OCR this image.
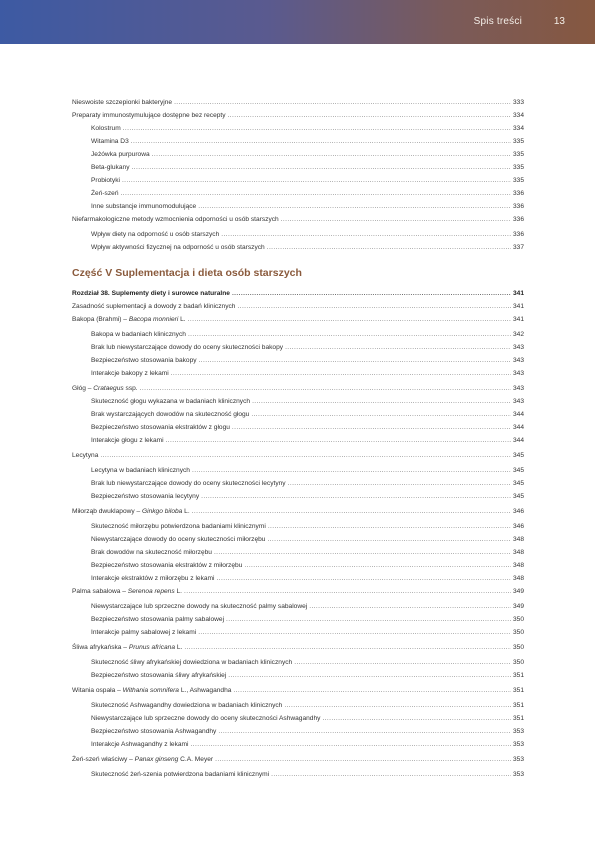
Spis treści	13
Nieswoiste szczepionki bakteryjne .....	333
Preparaty immunostymulujące dostępne bez recepty .....	334
Kolostrum .....	334
Witamina D3 .....	335
Jeżówka purpurowa .....	335
Beta-glukany .....	335
Probiotyki .....	335
Żeń-szeń .....	336
Inne substancje immunomodulujące .....	336
Niefarmakologiczne metody wzmocnienia odporności u osób starszych .....	336
Wpływ diety na odporność u osób starszych .....	336
Wpływ aktywności fizycznej na odporność u osób starszych .....	337
Część V Suplementacja i dieta osób starszych
Rozdział 38. Suplementy diety i surowce naturalne .....	341
Zasadność suplementacji a dowody z badań klinicznych .....	341
Bakopa (Brahmi) – Bacopa monnieri L. .....	341
Bakopa w badaniach klinicznych .....	342
Brak lub niewystarczające dowody do oceny skuteczności bakopy .....	343
Bezpieczeństwo stosowania bakopy .....	343
Interakcje bakopy z lekami .....	343
Głóg – Crataegus ssp. .....	343
Skuteczność głogu wykazana w badaniach klinicznych .....	343
Brak wystarczających dowodów na skuteczność głogu .....	344
Bezpieczeństwo stosowania ekstraktów z głogu .....	344
Interakcje głogu z lekami .....	344
Lecytyna .....	345
Lecytyna w badaniach klinicznych .....	345
Brak lub niewystarczające dowody do oceny skuteczności lecytyny .....	345
Bezpieczeństwo stosowania lecytyny .....	345
Miłorząb dwuklapowy – Ginkgo biloba L. .....	346
Skuteczność miłorzębu potwierdzona badaniami klinicznymi .....	346
Niewystarczające dowody do oceny skuteczności miłorzębu .....	348
Brak dowodów na skuteczność miłorzębu .....	348
Bezpieczeństwo stosowania ekstraktów z miłorzębu .....	348
Interakcje ekstraktów z miłorzębu z lekami .....	348
Palma sabalowa – Serenoa repens L. .....	349
Niewystarczające lub sprzeczne dowody na skuteczność palmy sabalowej .....	349
Bezpieczeństwo stosowania palmy sabalowej .....	350
Interakcje palmy sabalowej z lekami .....	350
Śliwa afrykańska – Prunus africana L. .....	350
Skuteczność śliwy afrykańskiej dowiedziona w badaniach klinicznych .....	350
Bezpieczeństwo stosowania śliwy afrykańskiej .....	351
Witania ospała – Withania somnifera L., Ashwagandha .....	351
Skuteczność Ashwagandhy dowiedziona w badaniach klinicznych .....	351
Niewystarczające lub sprzeczne dowody do oceny skuteczności Ashwagandhy .....	351
Bezpieczeństwo stosowania Ashwagandhy .....	353
Interakcje Ashwagandhy z lekami .....	353
Żeń-szeń właściwy – Panax ginseng C.A. Meyer .....	353
Skuteczność żeń-szenia potwierdzona badaniami klinicznymi .....	353
